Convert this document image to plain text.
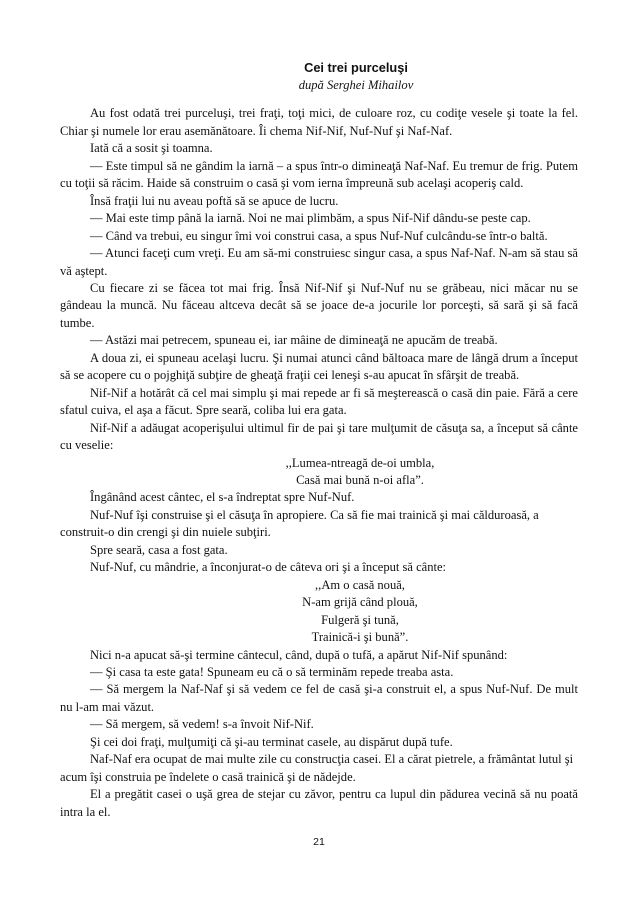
Cei trei purceluşi

după Serghei Mihailov

Au fost odată trei purceluşi, trei fraţi, toţi mici, de culoare roz, cu codiţe vesele şi toate la fel. Chiar şi numele lor erau asemănătoare. Îi chema Nif-Nif, Nuf-Nuf şi Naf-Naf.

Iată că a sosit şi toamna.

— Este timpul să ne gândim la iarnă – a spus într-o dimineaţă Naf-Naf. Eu tremur de frig. Putem cu toţii să răcim. Haide să construim o casă şi vom ierna împreună sub acelaşi acoperiş cald.

Însă fraţii lui nu aveau poftă să se apuce de lucru.

— Mai este timp până la iarnă. Noi ne mai plimbăm, a spus Nif-Nif dându-se peste cap.

— Când va trebui, eu singur îmi voi construi casa, a spus Nuf-Nuf culcându-se într-o baltă.

— Atunci faceţi cum vreţi. Eu am să-mi construiesc singur casa, a spus Naf-Naf. N-am să stau să vă aştept.

Cu fiecare zi se făcea tot mai frig. Însă Nif-Nif şi Nuf-Nuf nu se grăbeau, nici măcar nu se gândeau la muncă. Nu făceau altceva decât să se joace de-a jocurile lor porceşti, să sară şi să facă tumbe.

— Astăzi mai petrecem, spuneau ei, iar mâine de dimineaţă ne apucăm de treabă.

A doua zi, ei spuneau acelaşi lucru. Şi numai atunci când băltoaca mare de lângă drum a început să se acopere cu o pojghiţă subţire de gheaţă fraţii cei leneşi s-au apucat în sfârşit de treabă.

Nif-Nif a hotărât că cel mai simplu şi mai repede ar fi să meşterească o casă din paie. Fără a cere sfatul cuiva, el aşa a făcut. Spre seară, coliba lui era gata.

Nif-Nif a adăugat acoperişului ultimul fir de pai şi tare mulţumit de căsuţa sa, a început să cânte cu veselie:

,,Lumea-ntreagă de-oi umbla,

Casă mai bună n-oi afla”.

Îngânând acest cântec, el s-a îndreptat spre Nuf-Nuf.

Nuf-Nuf îşi construise şi el căsuţa în apropiere. Ca să fie mai trainică şi mai călduroasă, a construit-o din crengi şi din nuiele subţiri.

Spre seară, casa a fost gata.

Nuf-Nuf, cu mândrie, a înconjurat-o de câteva ori şi a început să cânte:

,,Am o casă nouă,

N-am grijă când plouă,

Fulgeră şi tună,

Trainică-i şi bună”.

Nici n-a apucat să-şi termine cântecul, când, după o tufă, a apărut Nif-Nif spunând:

— Şi casa ta este gata! Spuneam eu că o să terminăm repede treaba asta.

— Să mergem la Naf-Naf şi să vedem ce fel de casă şi-a construit el, a spus Nuf-Nuf. De mult nu l-am mai văzut.

— Să mergem, să vedem! s-a învoit Nif-Nif.

Şi cei doi fraţi, mulţumiţi că şi-au terminat casele, au dispărut după tufe.

Naf-Naf era ocupat de mai multe zile cu construcţia casei. El a cărat pietrele, a frământat lutul şi acum îşi construia pe îndelete o casă trainică şi de nădejde.

El a pregătit casei o uşă grea de stejar cu zăvor, pentru ca lupul din pădurea vecină să nu poată intra la el.

21
